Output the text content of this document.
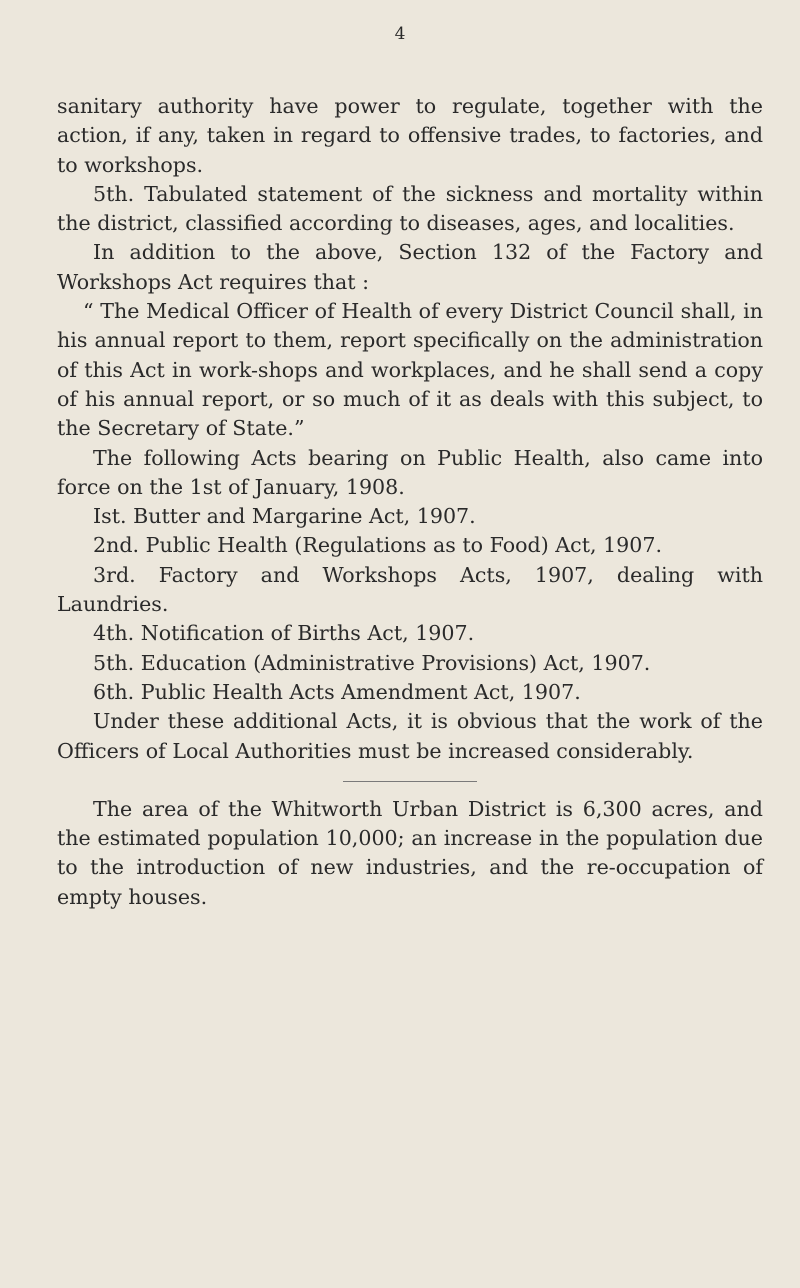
4

sanitary authority have power to regulate, together with the action, if any, taken in regard to offensive trades, to factories, and to workshops.

5th. Tabulated statement of the sickness and mortality within the district, classified according to diseases, ages, and localities.

In addition to the above, Section 132 of the Factory and Workshops Act requires that :

“ The Medical Officer of Health of every District Council shall, in his annual report to them, report specifically on the administration of this Act in work-shops and workplaces, and he shall send a copy of his annual report, or so much of it as deals with this subject, to the Secretary of State.”

The following Acts bearing on Public Health, also came into force on the 1st of January, 1908.

Ist. Butter and Margarine Act, 1907.

2nd. Public Health (Regulations as to Food) Act, 1907.

3rd. Factory and Workshops Acts, 1907, dealing with Laundries.

4th. Notification of Births Act, 1907.

5th. Education (Administrative Provisions) Act, 1907.

6th. Public Health Acts Amendment Act, 1907.

Under these additional Acts, it is obvious that the work of the Officers of Local Authorities must be increased considerably.

The area of the Whitworth Urban District is 6,300 acres, and the estimated population 10,000; an increase in the population due to the introduction of new industries, and the re-occupation of empty houses.
